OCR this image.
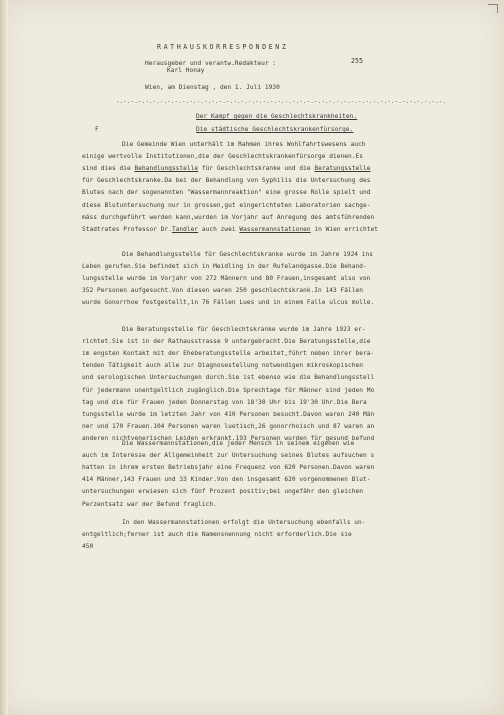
RATHAUSKORRESPONDENZ
Herausgeber und verantw.Redakteur :
Karl Honay
255
Wien, am Dienstag , den 1. Juli 1930
-.-.-.-.-.-.-.-.-.-.-.-.-.-.-.-.-.-.-.-.-.-.-.-.-.-.-.-.-.-.-.-.-.-.-.-.-.-.-.-.-.-.-.-.-.
F
Der Kampf gegen die Geschlechtskrankheiten.
Die städtische Geschlechtskrankenfürsorge.
Die Gemeinde Wien unterhält im Rahmen ihres Wohlfahrtswesens auch
einige wertvolle Institutionen,die der Geschlechtskrankenfürsorge dienen.Es
sind dies die Behandlungsstelle für Geschlechtskranke und die Beratungsstelle
für Geschlechtskranke.Da bei der Behandlung von Syphilis die Untersuchung des
Blutes nach der sogenannten "Wassermannreaktion" eine grosse Rolle spielt und
diese Blutuntersuchung nur in grossen,gut eingerichteten Laboratorien sachge-
mäss durchgeführt werden kann,wurden im Vorjahr auf Anregung des amtsführenden
Stadtrates Professor Dr.Tandler auch zwei Wassermannstationen in Wien errichtet
Die Behandlungsstelle für Geschlechtskranke wurde im Jahre 1924 ins
Leben gerufen.Sie befindet sich in Meidling in der Rufelandgasse.Die Behand-
lungsstelle wurde im Vorjahr von 272 Männern und 80 Frauen,insgesamt also von
352 Personen aufgesucht.Von diesen waren 250 geschlechtskrank.In 143 Fällen
wurde Gonorrhoe festgestellt,in 76 Fällen Lues und in einem Falle ulcus molle.
Die Beratungsstelle für Geschlechtskranke wurde im Jahre 1923 er-
richtet.Sie ist in der Rathausstrasse 9 untergebracht.Die Beratungsstelle,die
im engsten Kontakt mit der Eheberatungsstelle arbeitet,führt neben ihrer bera-
tenden Tätigkeit auch alle zur Diagnosestellung notwendigen mikroskopischen
und serologischen Untersuchungen durch.Sie ist ebenso wie die Behandlungsstell
für jedermann unentgeltlich zugänglich.Die Sprechtage für Männer sind jeden Mo
tag und die für Frauen jeden Donnerstag von 18'30 Uhr bis 19'30 Uhr.Die Bera
tungsstelle wurde im letzten Jahr von 410 Personen besucht.Davon waren 240 Män
ner und 170 Frauen.104 Personen waren luetisch,26 gonorrhoisch und 87 waren an
anderen nichtvenerischen Leiden erkrankt.193 Personen wurden für gesund befund
Die Wassermannstationen,die jeder Mensch in seinem eigenen wie
auch im Interesse der Allgemeinheit zur Untersuchung seines Blutes aufsuchen s
hatten in ihrem ersten Betriebsjahr eine Frequenz von 620 Personen.Davon waren
414 Männer,143 Frauen und 33 Kinder.Von den insgesamt 620 vorgenommenen Blut-
untersuchungen erwiesen sich fünf Prozent positiv;bei ungefähr den gleichen
Perzentsatz war der Befund fraglich.
In den Wassermannstationen erfolgt die Untersuchung ebenfalls un-
entgeltlich;ferner ist auch die Namensnennung nicht erforderlich.Die sie
450
